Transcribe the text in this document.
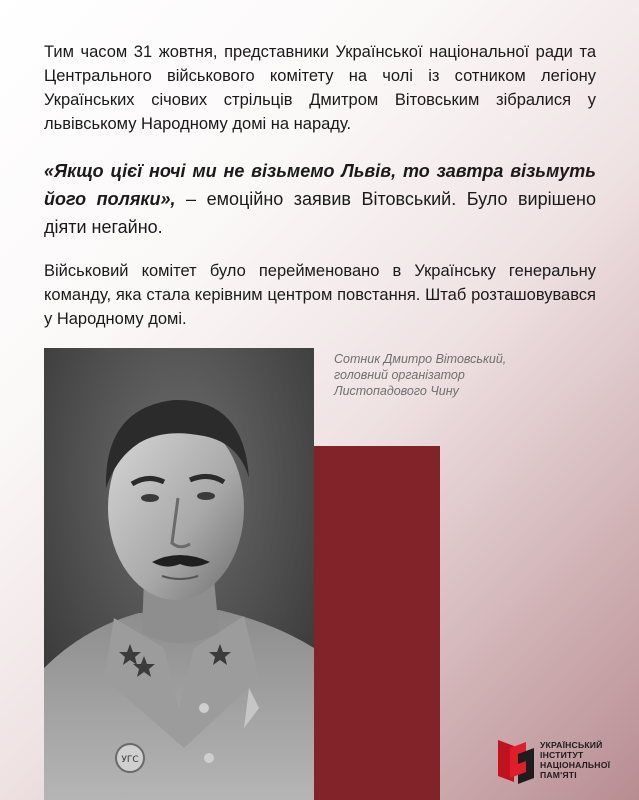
Тим часом 31 жовтня, представники Української національної ради та Центрального військового комітету на чолі із сотником легіону Українських січових стрільців Дмитром Вітовським зібралися у львівському Народному домі на нараду.
«Якщо цієї ночі ми не візьмемо Львів, то завтра візьмуть його поляки», – емоційно заявив Вітовський. Було вирішено діяти негайно.
Військовий комітет було перейменовано в Українську генеральну команду, яка стала керівним центром повстання. Штаб розташовувався у Народному домі.
УГС
Сотник Дмитро Вітовський,
головний організатор
Листопадового Чину
УКРАЇНСЬКИЙ
ІНСТИТУТ
НАЦІОНАЛЬНОЇ
ПАМ'ЯТІ
